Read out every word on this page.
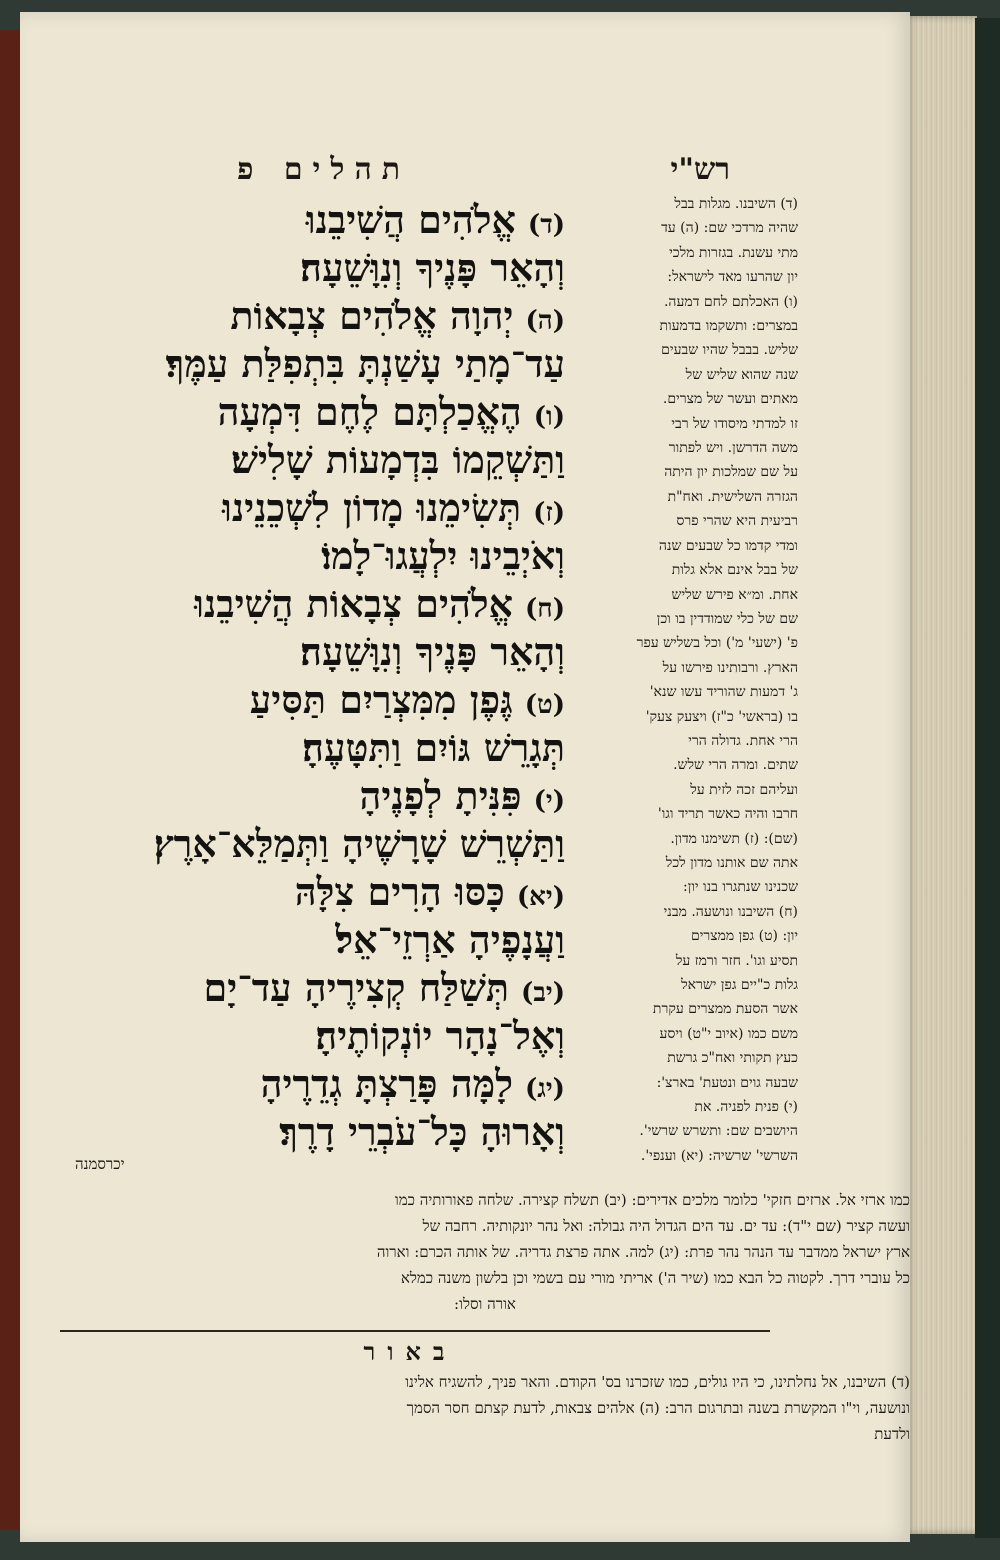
תהלים פ	רש"י
(ד)אֱלֹהִים הֲשִׁיבֵנוּ
וְהָאֵר פָּנֶיךָ וְנִוָּשֵׁעָה׃
(ה)יְהוָה אֱלֹהִים צְבָאוֹת
עַד־מָתַי עָשַׁנְתָּ בִּתְפִלַּת עַמֶּךָ׃
(ו)הֶאֱכַלְתָּם לֶחֶם דִּמְעָה
וַתַּשְׁקֵמוֹ בִּדְמָעוֹת שָׁלִישׁ׃
(ז)תְּשִׂימֵנוּ מָדוֹן לִשְׁכֵנֵינוּ
וְאֹיְבֵינוּ יִלְעֲגוּ־לָמוֹ׃
(ח)אֱלֹהִים צְבָאוֹת הֲשִׁיבֵנוּ
וְהָאֵר פָּנֶיךָ וְנִוָּשֵׁעָה׃
(ט)גֶּפֶן מִמִּצְרַיִם תַּסִּיעַ
תְּגָרֵשׁ גּוֹיִם וַתִּטָּעֶהָ׃
(י)פִּנִּיתָ לְפָנֶיהָ
וַתַּשְׁרֵשׁ שָׁרָשֶׁיהָ וַתְּמַלֵּא־אָרֶץ׃
(יא)כָּסּוּ הָרִים צִלָּהּ
וַעֲנָפֶיהָ אַרְזֵי־אֵל׃
(יב)תְּשַׁלַּח קְצִירֶיהָ עַד־יָם
וְאֶל־נָהָר יוֹנְקוֹתֶיהָ׃
(יג)לָמָּה פָּרַצְתָּ גְדֵרֶיהָ
וְאָרוּהָ כָּל־עֹבְרֵי דָרֶךְ׃
(ד) השיבנו. מגלות בבל
שהיה מרדכי שם: (ה) עד
מתי עשנת. בגזרות מלכי
יון שהרעו מאד לישראל:
(ו) האכלתם לחם דמעה.
במצרים: ותשקמו בדמעות
שליש. בבבל שהיו שבעים
שנה שהוא שליש של
מאתים ועשר של מצרים.
זו למדתי מיסודו של רבי
משה הדרשן. ויש לפתור
על שם שמלכות יון היתה
הגזרה השלישית. ואח"ת
רביעית היא שהרי פרס
ומדי קדמו כל שבעים שנה
של בבל אינם אלא גלות
אחת. ומ״א פירש שליש
שם של כלי שמודדין בו וכן
פ' (ישעי' מ') וכל בשליש עפר
הארץ. ורבותינו פירשו על
ג' דמעות שהוריד עשו שנא'
בו (בראשי' כ"ז) ויצעק צעק'
הרי אחת. גדולה הרי
שתים. ומרה הרי שלש.
ועליהם זכה לזית על
חרבו והיה כאשר תריד וגו'
(שם): (ז) תשימנו מדון.
אתה שם אותנו מדון לכל
שכנינו שנתגרו בנו יון:
(ח) השיבנו ונושעה. מבני
יון: (ט) גפן ממצרים
תסיע וגו'. חזר ורמז על
גלות כ"יים גפן ישראל
אשר הסעת ממצרים עקרת
משם כמו (איוב י"ט) ויסע
כעץ תקותי ואח"כ גרשת
שבעה גוים ונטעת' בארצ':
(י) פנית לפניה. את
היושבים שם: ותשרש שרשי'.
השרשי' שרשיה: (יא) וענפי'.
יכרסמנה
כמו ארזי אל. ארזים חזקי' כלומר מלכים אדירים: (יב) תשלח קצירה. שלחה פאורותיה כמו
ועשה קציר (שם י"ד): עד ים. עד הים הגדול היה גבולה: ואל נהר יונקותיה. רחבה של
ארץ ישראל ממדבר עד הנהר נהר פרת: (יג) למה. אתה פרצת גדריה. של אותה הכרם: וארוה
כל עוברי דרך. לקטוה כל הבא כמו (שיר ה') אריתי מורי עם בשמי וכן בלשון משנה כמלא
אורה וסלו:
באור
(ד) השיבנו, אל נחלתינו, כי היו גולים, כמו שזכרנו בס' הקודם. והאר פניך, להשגיח אלינו
ונושעה, וי"ו המקשרת בשנה ובתרגום הרב: (ה) אלהים צבאות, לדעת קצתם חסר הסמך
ולדעת
